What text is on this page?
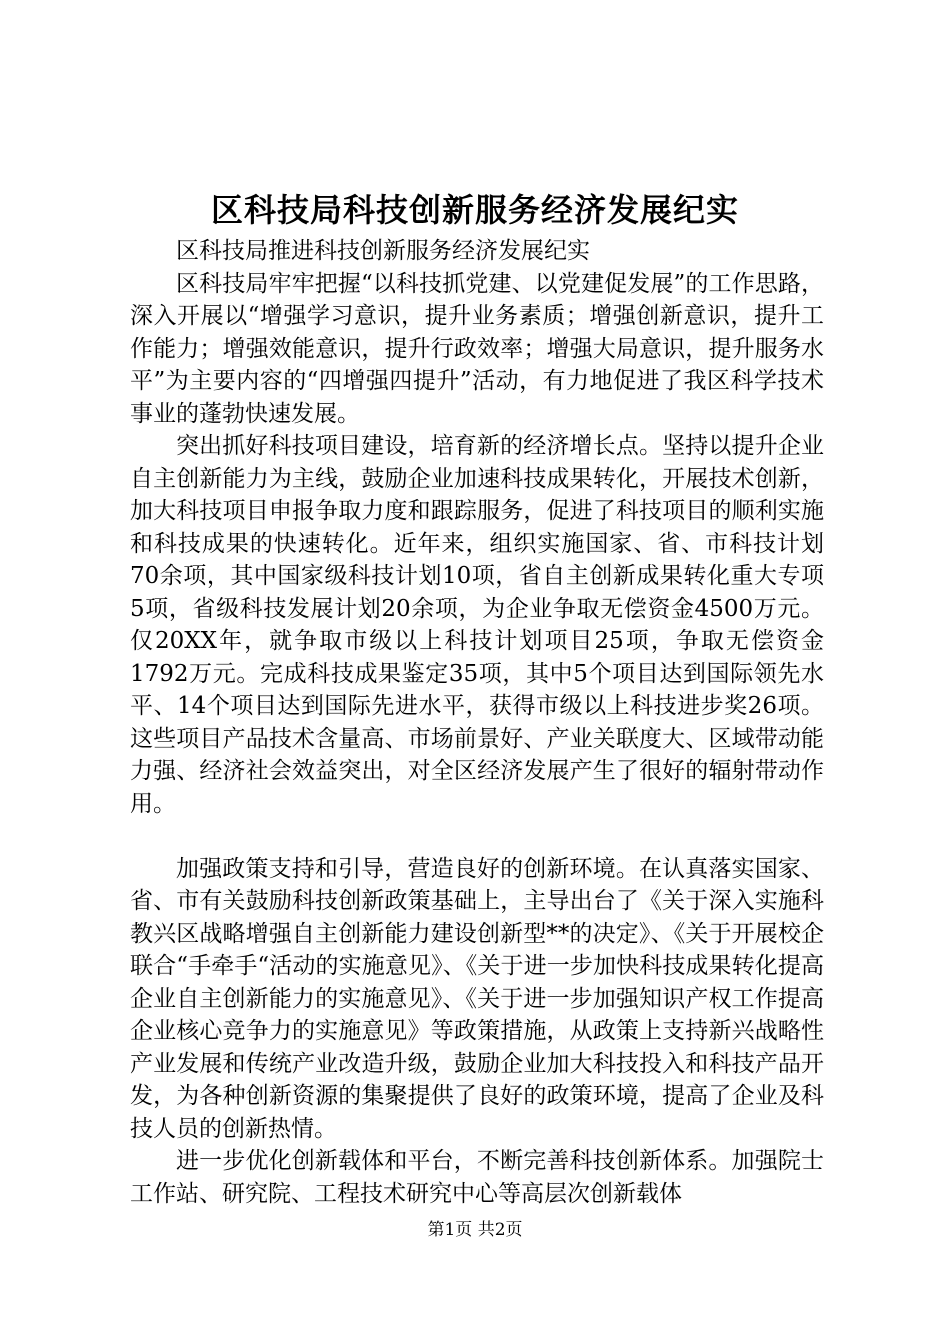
区科技局科技创新服务经济发展纪实

区科技局推进科技创新服务经济发展纪实

区科技局牢牢把握“以科技抓党建、以党建促发展”的工作思路，深入开展以“增强学习意识，提升业务素质；增强创新意识，提升工作能力；增强效能意识，提升行政效率；增强大局意识，提升服务水平”为主要内容的“四增强四提升”活动，有力地促进了我区科学技术事业的蓬勃快速发展。

突出抓好科技项目建设，培育新的经济增长点。坚持以提升企业自主创新能力为主线，鼓励企业加速科技成果转化，开展技术创新，加大科技项目申报争取力度和跟踪服务，促进了科技项目的顺利实施和科技成果的快速转化。近年来，组织实施国家、省、市科技计划70余项，其中国家级科技计划10项，省自主创新成果转化重大专项5项，省级科技发展计划20余项，为企业争取无偿资金4500万元。仅20XX年，就争取市级以上科技计划项目25项，争取无偿资金1792万元。完成科技成果鉴定35项，其中5个项目达到国际领先水平、14个项目达到国际先进水平，获得市级以上科技进步奖26项。这些项目产品技术含量高、市场前景好、产业关联度大、区域带动能力强、经济社会效益突出，对全区经济发展产生了很好的辐射带动作用。

加强政策支持和引导，营造良好的创新环境。在认真落实国家、省、市有关鼓励科技创新政策基础上，主导出台了《关于深入实施科教兴区战略增强自主创新能力建设创新型**的决定》、《关于开展校企联合“手牵手“活动的实施意见》、《关于进一步加快科技成果转化提高企业自主创新能力的实施意见》、《关于进一步加强知识产权工作提高企业核心竞争力的实施意见》等政策措施，从政策上支持新兴战略性产业发展和传统产业改造升级，鼓励企业加大科技投入和科技产品开发，为各种创新资源的集聚提供了良好的政策环境，提高了企业及科技人员的创新热情。

进一步优化创新载体和平台，不断完善科技创新体系。加强院士工作站、研究院、工程技术研究中心等高层次创新载体

第1页 共2页
